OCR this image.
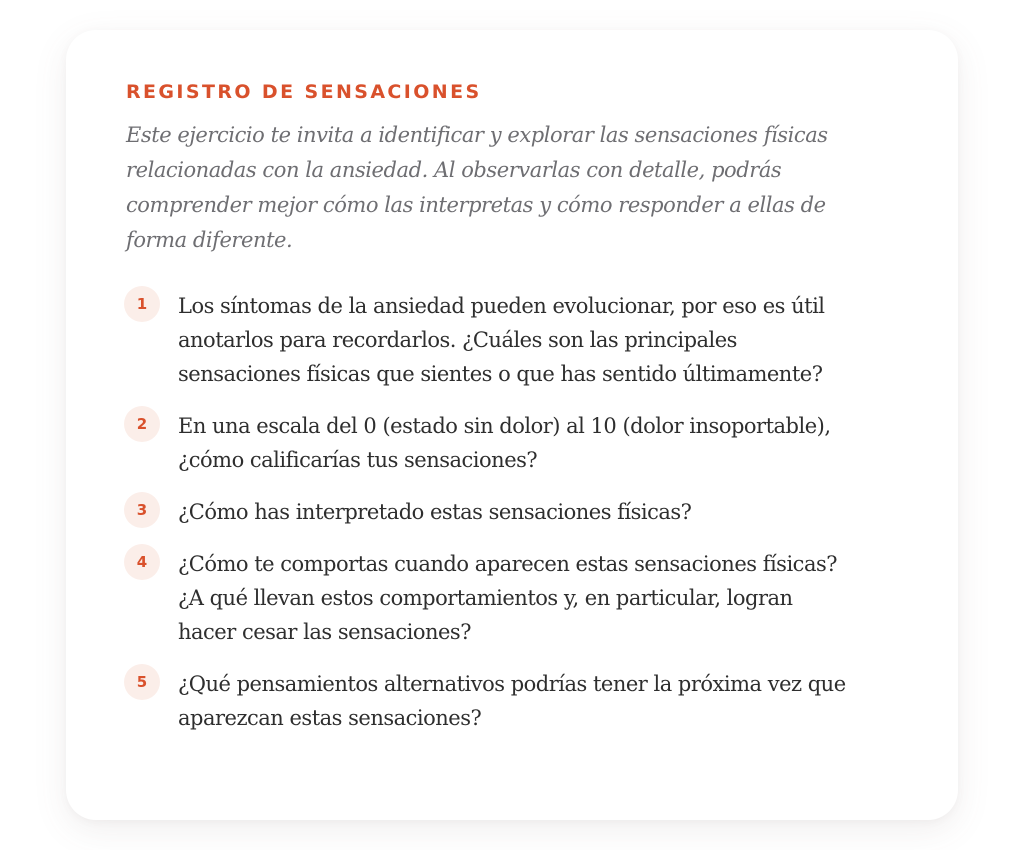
REGISTRO DE SENSACIONES

Este ejercicio te invita a identificar y explorar las sensaciones físicas
relacionadas con la ansiedad. Al observarlas con detalle, podrás
comprender mejor cómo las interpretas y cómo responder a ellas de
forma diferente.

1	Los síntomas de la ansiedad pueden evolucionar, por eso es útil
anotarlos para recordarlos. ¿Cuáles son las principales
sensaciones físicas que sientes o que has sentido últimamente?
2	En una escala del 0 (estado sin dolor) al 10 (dolor insoportable),
¿cómo calificarías tus sensaciones?
3	¿Cómo has interpretado estas sensaciones físicas?
4	¿Cómo te comportas cuando aparecen estas sensaciones físicas?
¿A qué llevan estos comportamientos y, en particular, logran
hacer cesar las sensaciones?
5	¿Qué pensamientos alternativos podrías tener la próxima vez que
aparezcan estas sensaciones?
